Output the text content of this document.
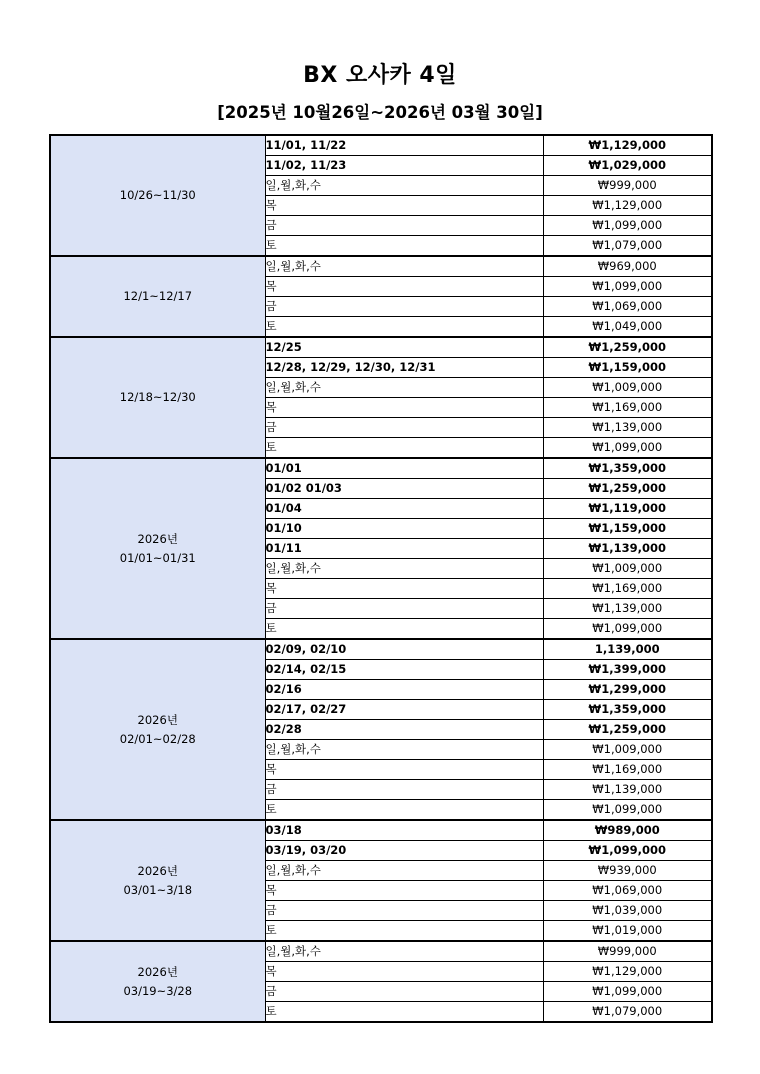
BX 오사카 4일
[2025년 10월26일~2026년 03월 30일]
10/26~11/30	11/01, 11/22	₩1,129,000
	11/02, 11/23	₩1,029,000
	일,월,화,수	₩999,000
	목	₩1,129,000
	금	₩1,099,000
	토	₩1,079,000

12/1~12/17	일,월,화,수	₩969,000
	목	₩1,099,000
	금	₩1,069,000
	토	₩1,049,000

12/18~12/30	12/25	₩1,259,000
	12/28, 12/29, 12/30, 12/31	₩1,159,000
	일,월,화,수	₩1,009,000
	목	₩1,169,000
	금	₩1,139,000
	토	₩1,099,000

2026년
01/01~01/31	01/01	₩1,359,000
	01/02 01/03	₩1,259,000
	01/04	₩1,119,000
	01/10	₩1,159,000
	01/11	₩1,139,000
	일,월,화,수	₩1,009,000
	목	₩1,169,000
	금	₩1,139,000
	토	₩1,099,000

2026년
02/01~02/28	02/09, 02/10	1,139,000
	02/14, 02/15	₩1,399,000
	02/16	₩1,299,000
	02/17, 02/27	₩1,359,000
	02/28	₩1,259,000
	일,월,화,수	₩1,009,000
	목	₩1,169,000
	금	₩1,139,000
	토	₩1,099,000

2026년
03/01~3/18	03/18	₩989,000
	03/19, 03/20	₩1,099,000
	일,월,화,수	₩939,000
	목	₩1,069,000
	금	₩1,039,000
	토	₩1,019,000

2026년
03/19~3/28	일,월,화,수	₩999,000
	목	₩1,129,000
	금	₩1,099,000
	토	₩1,079,000
